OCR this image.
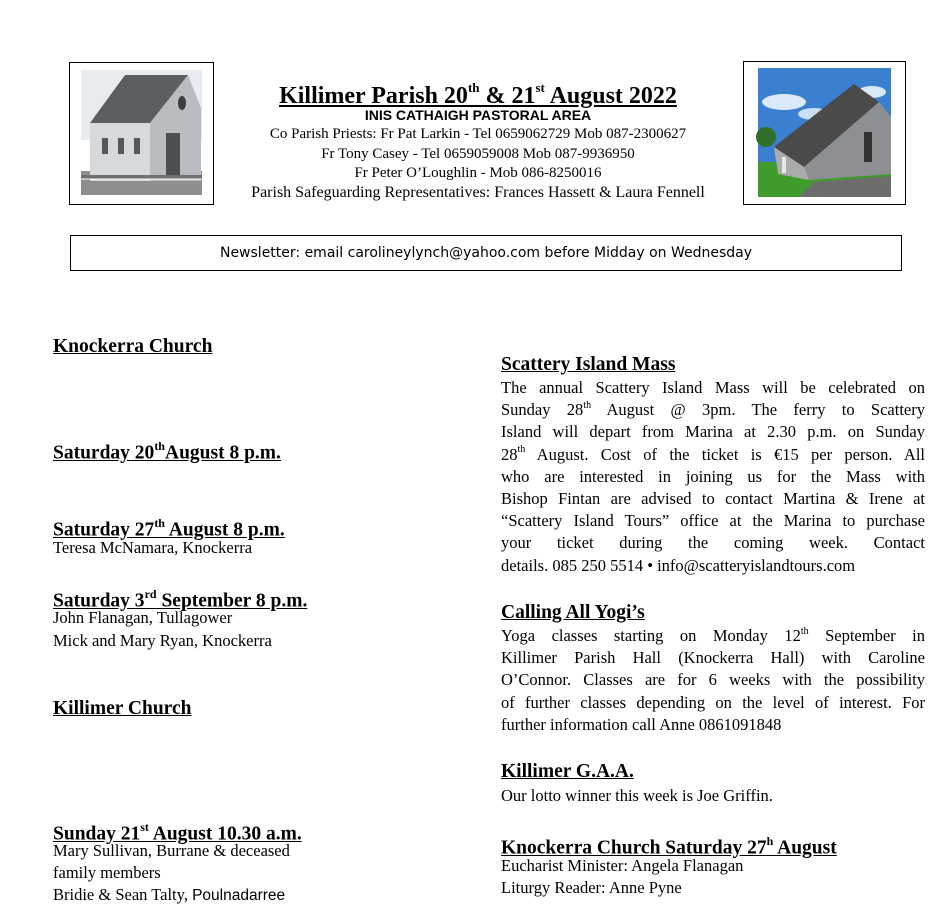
Killimer Parish 20th & 21st August 2022
INIS CATHAIGH PASTORAL AREA
Co Parish Priests: Fr Pat Larkin - Tel 0659062729 Mob 087-2300627
Fr Tony Casey - Tel 0659059008 Mob 087-9936950
Fr Peter O’Loughlin - Mob 086-8250016
Parish Safeguarding Representatives: Frances Hassett & Laura Fennell
Newsletter: email carolineylynch@yahoo.com before Midday on Wednesday
Knockerra Church
Saturday 20thAugust 8 p.m.
Saturday 27th August 8 p.m.
Teresa McNamara, Knockerra
Saturday 3rd September 8 p.m.
John Flanagan, Tullagower
Mick and Mary Ryan, Knockerra
Killimer Church
Sunday 21st August 10.30 a.m.
Mary Sullivan, Burrane & deceased
family members
Bridie & Sean Talty, Poulnadarree
Scattery Island Mass
The annual Scattery Island Mass will be celebrated on
Sunday 28th August @ 3pm. The ferry to Scattery
Island will depart from Marina at 2.30 p.m. on Sunday
28th August. Cost of the ticket is €15 per person. All
who are interested in joining us for the Mass with
Bishop Fintan are advised to contact Martina & Irene at
“Scattery Island Tours” office at the Marina to purchase
your ticket during the coming week. Contact
details. 085 250 5514 • info@scatteryislandtours.com
Calling All Yogi’s
Yoga classes starting on Monday 12th September in
Killimer Parish Hall (Knockerra Hall) with Caroline
O’Connor. Classes are for 6 weeks with the possibility
of further classes depending on the level of interest. For
further information call Anne 0861091848
Killimer G.A.A.
Our lotto winner this week is Joe Griffin.
Knockerra Church Saturday 27$^h$ August
Eucharist Minister: Angela Flanagan
Liturgy Reader: Anne Pyne
